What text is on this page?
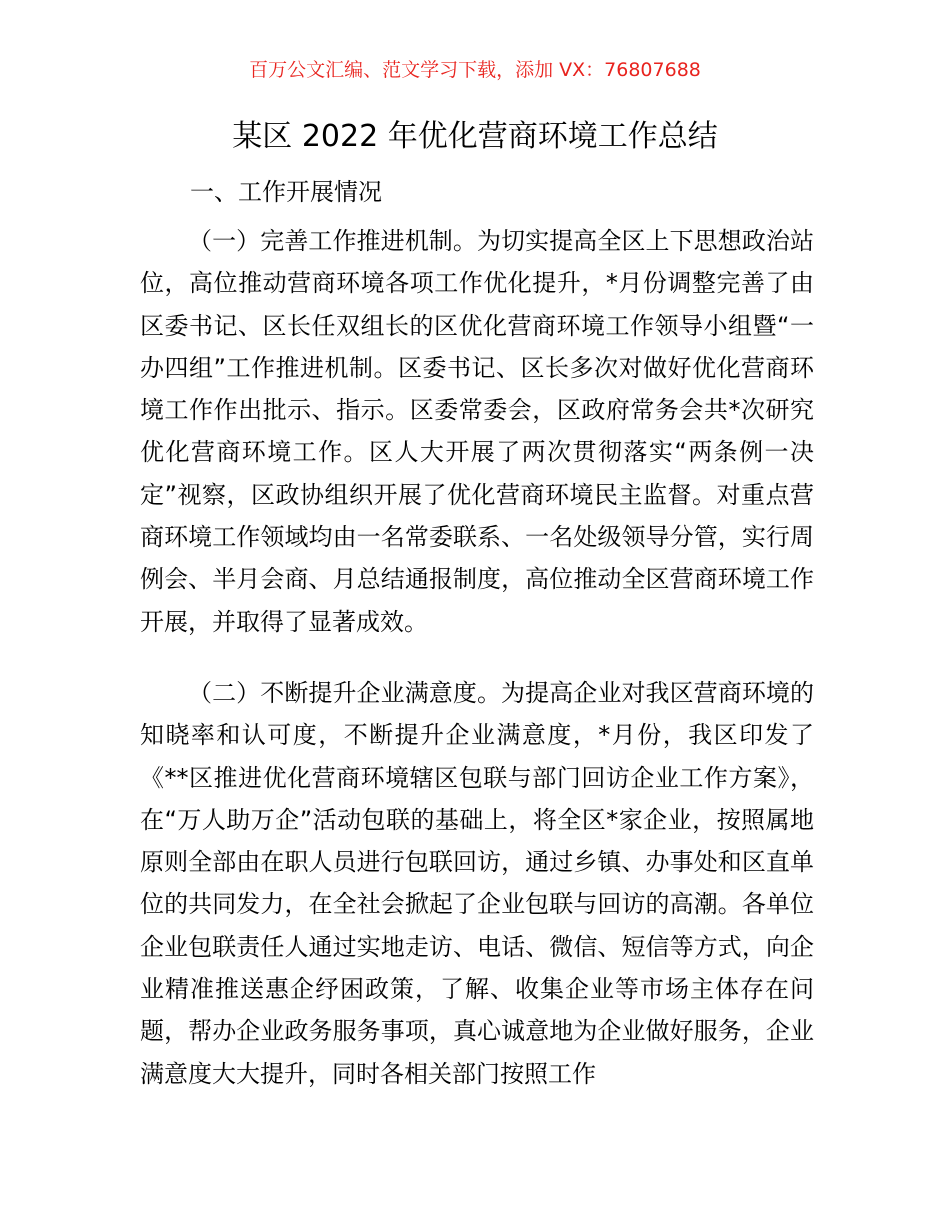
百万公文汇编、范文学习下载，添加 VX：76807688
某区 2022 年优化营商环境工作总结
一、工作开展情况

（一）完善工作推进机制。为切实提高全区上下思想政治站位，高位推动营商环境各项工作优化提升，*月份调整完善了由区委书记、区长任双组长的区优化营商环境工作领导小组暨“一办四组”工作推进机制。区委书记、区长多次对做好优化营商环境工作作出批示、指示。区委常委会，区政府常务会共*次研究优化营商环境工作。区人大开展了两次贯彻落实“两条例一决定”视察，区政协组织开展了优化营商环境民主监督。对重点营商环境工作领域均由一名常委联系、一名处级领导分管，实行周例会、半月会商、月总结通报制度，高位推动全区营商环境工作开展，并取得了显著成效。

（二）不断提升企业满意度。为提高企业对我区营商环境的知晓率和认可度，不断提升企业满意度，*月份，我区印发了《**区推进优化营商环境辖区包联与部门回访企业工作方案》，在“万人助万企”活动包联的基础上，将全区*家企业，按照属地原则全部由在职人员进行包联回访，通过乡镇、办事处和区直单位的共同发力，在全社会掀起了企业包联与回访的高潮。各单位企业包联责任人通过实地走访、电话、微信、短信等方式，向企业精准推送惠企纾困政策，了解、收集企业等市场主体存在问题，帮办企业政务服务事项，真心诚意地为企业做好服务，企业满意度大大提升，同时各相关部门按照工作
